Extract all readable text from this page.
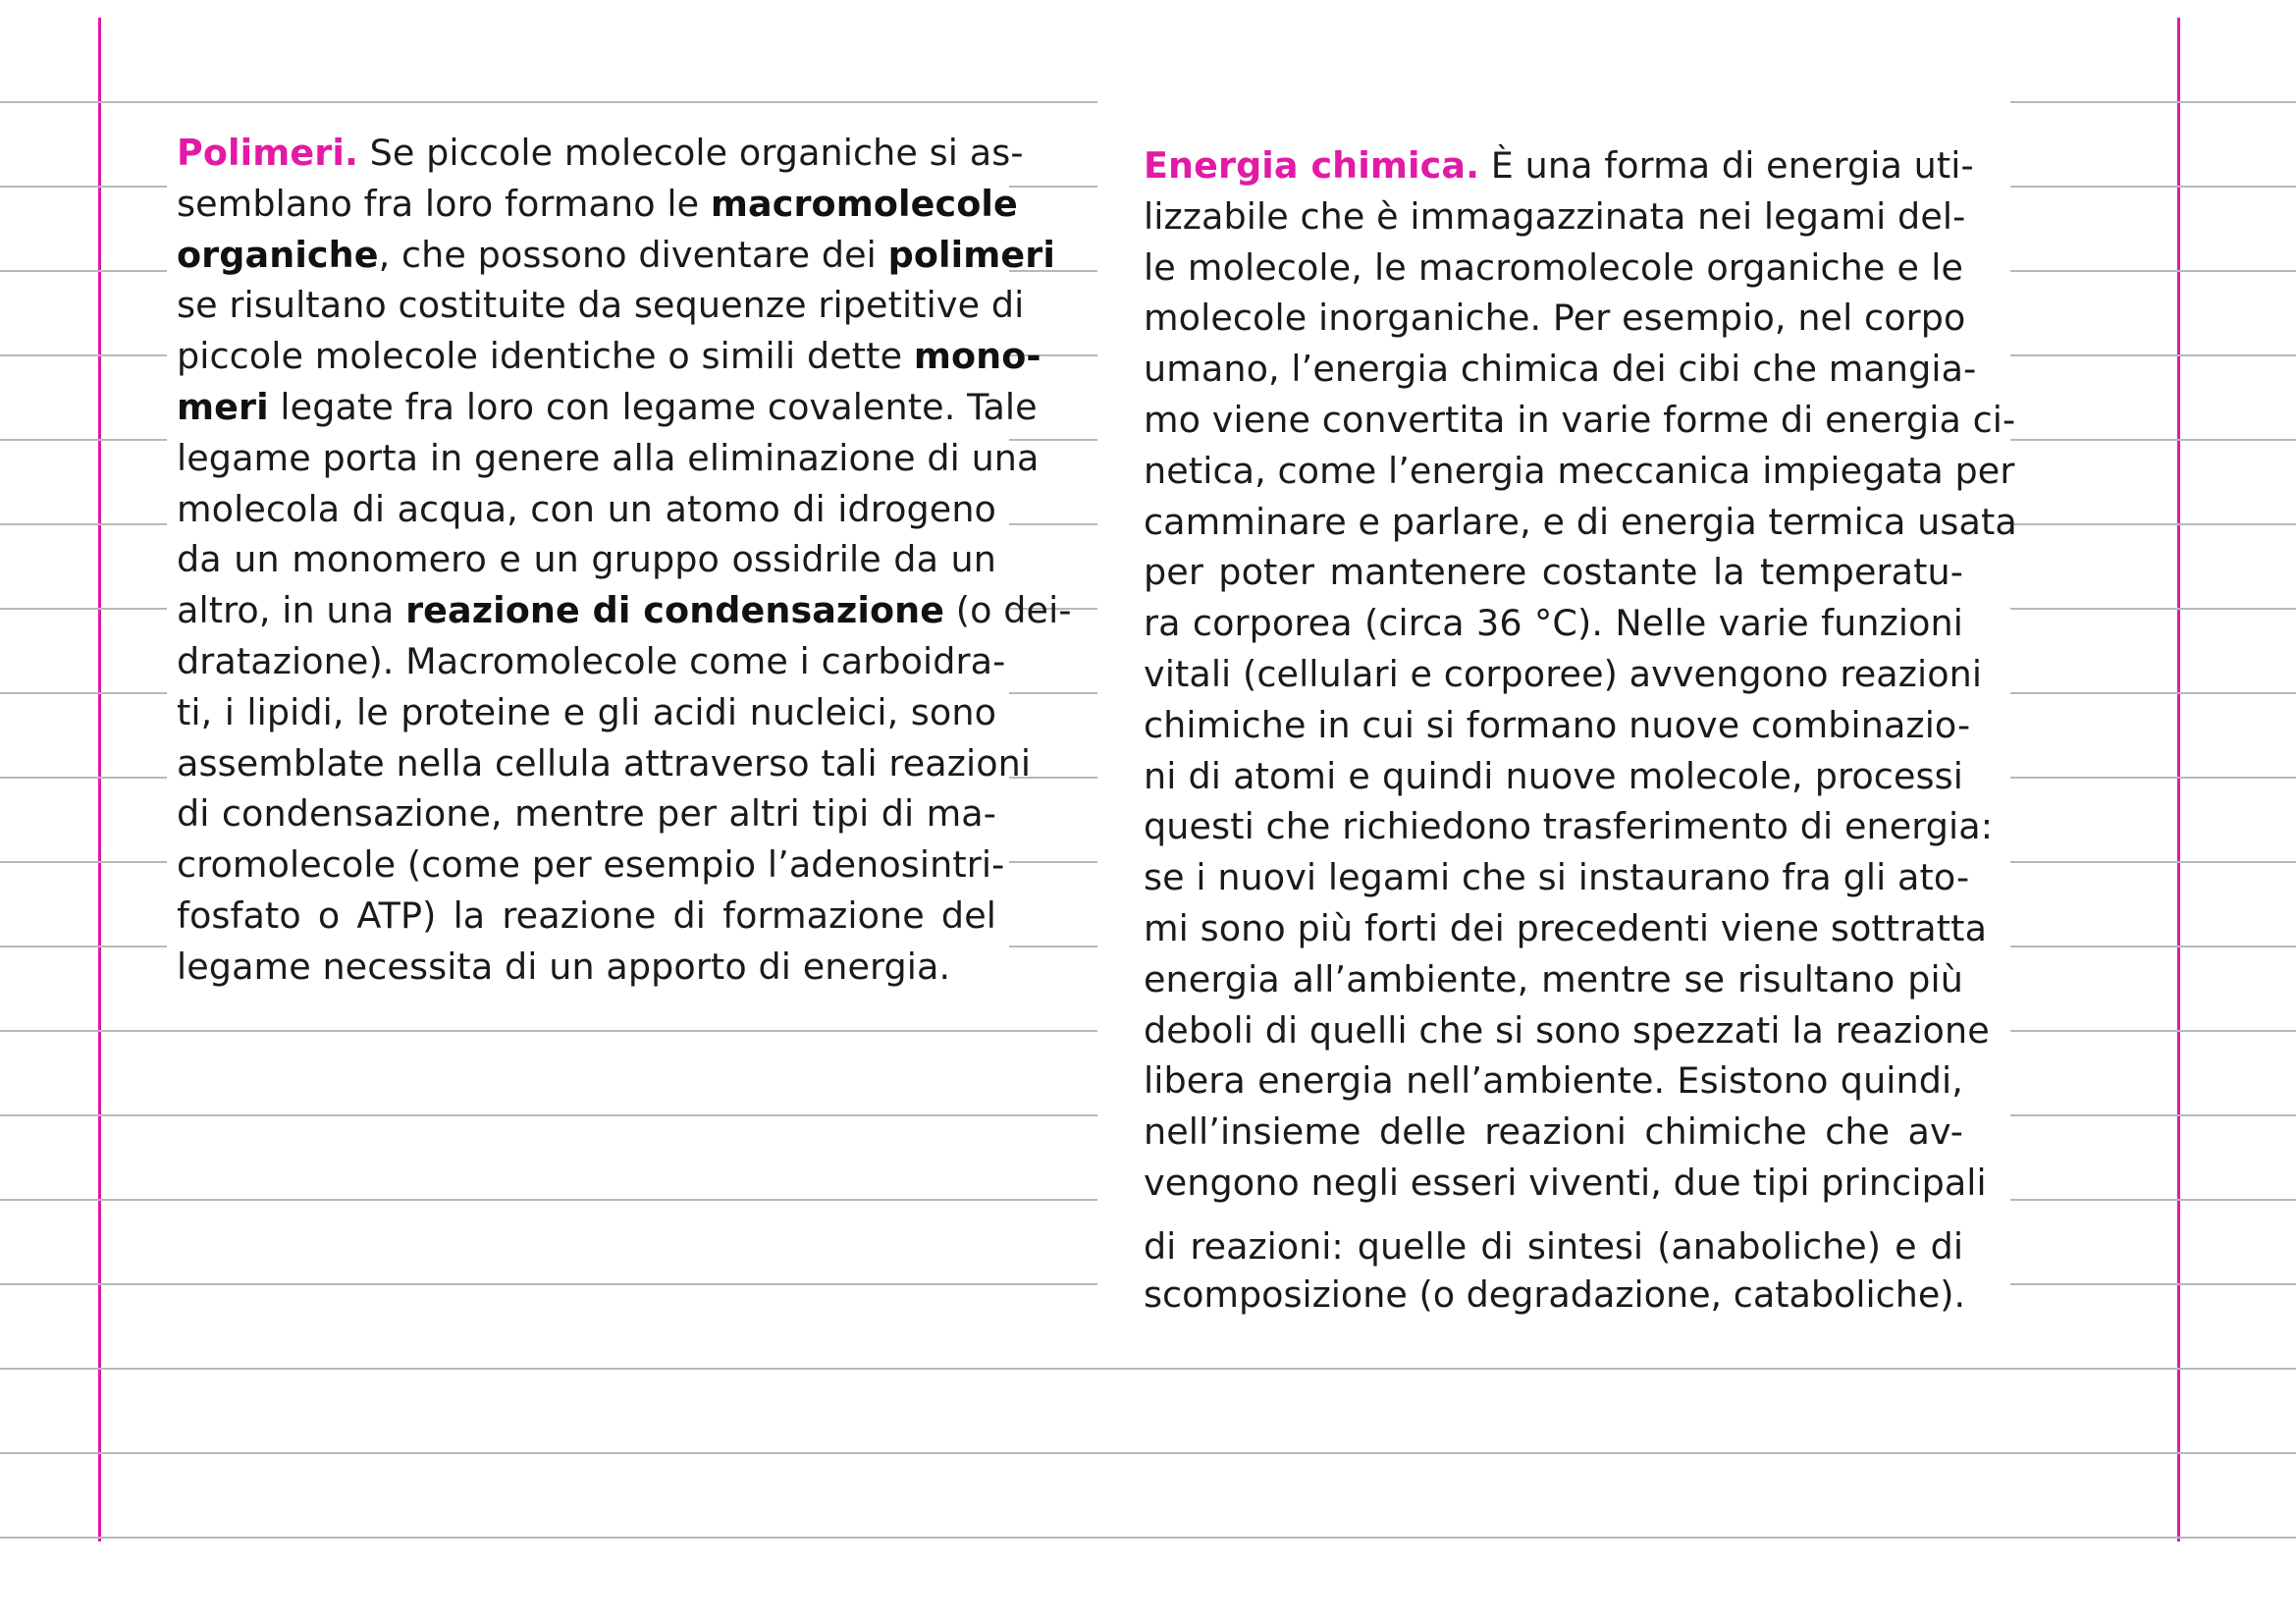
Polimeri. Se piccole molecole organiche si as-
semblano fra loro formano le macromolecole
organiche, che possono diventare dei polimeri
se risultano costituite da sequenze ripetitive di
piccole molecole identiche o simili dette mono-
meri legate fra loro con legame covalente. Tale
legame porta in genere alla eliminazione di una
molecola di acqua, con un atomo di idrogeno
da un monomero e un gruppo ossidrile da un
altro, in una reazione di condensazione (o dei-
dratazione). Macromolecole come i carboidra-
ti, i lipidi, le proteine e gli acidi nucleici, sono
assemblate nella cellula attraverso tali reazioni
di condensazione, mentre per altri tipi di ma-
cromolecole (come per esempio l’adenosintri-
fosfato o ATP) la reazione di formazione del
legame necessita di un apporto di energia.
Energia chimica. È una forma di energia uti-
lizzabile che è immagazzinata nei legami del-
le molecole, le macromolecole organiche e le
molecole inorganiche. Per esempio, nel corpo
umano, l’energia chimica dei cibi che mangia-
mo viene convertita in varie forme di energia ci-
netica, come l’energia meccanica impiegata per
camminare e parlare, e di energia termica usata
per poter mantenere costante la temperatu-
ra corporea (circa 36 °C). Nelle varie funzioni
vitali (cellulari e corporee) avvengono reazioni
chimiche in cui si formano nuove combinazio-
ni di atomi e quindi nuove molecole, processi
questi che richiedono trasferimento di energia:
se i nuovi legami che si instaurano fra gli ato-
mi sono più forti dei precedenti viene sottratta
energia all’ambiente, mentre se risultano più
deboli di quelli che si sono spezzati la reazione
libera energia nell’ambiente. Esistono quindi,
nell’insieme delle reazioni chimiche che av-
vengono negli esseri viventi, due tipi principali
di reazioni: quelle di sintesi (anaboliche) e di
scomposizione (o degradazione, cataboliche).
